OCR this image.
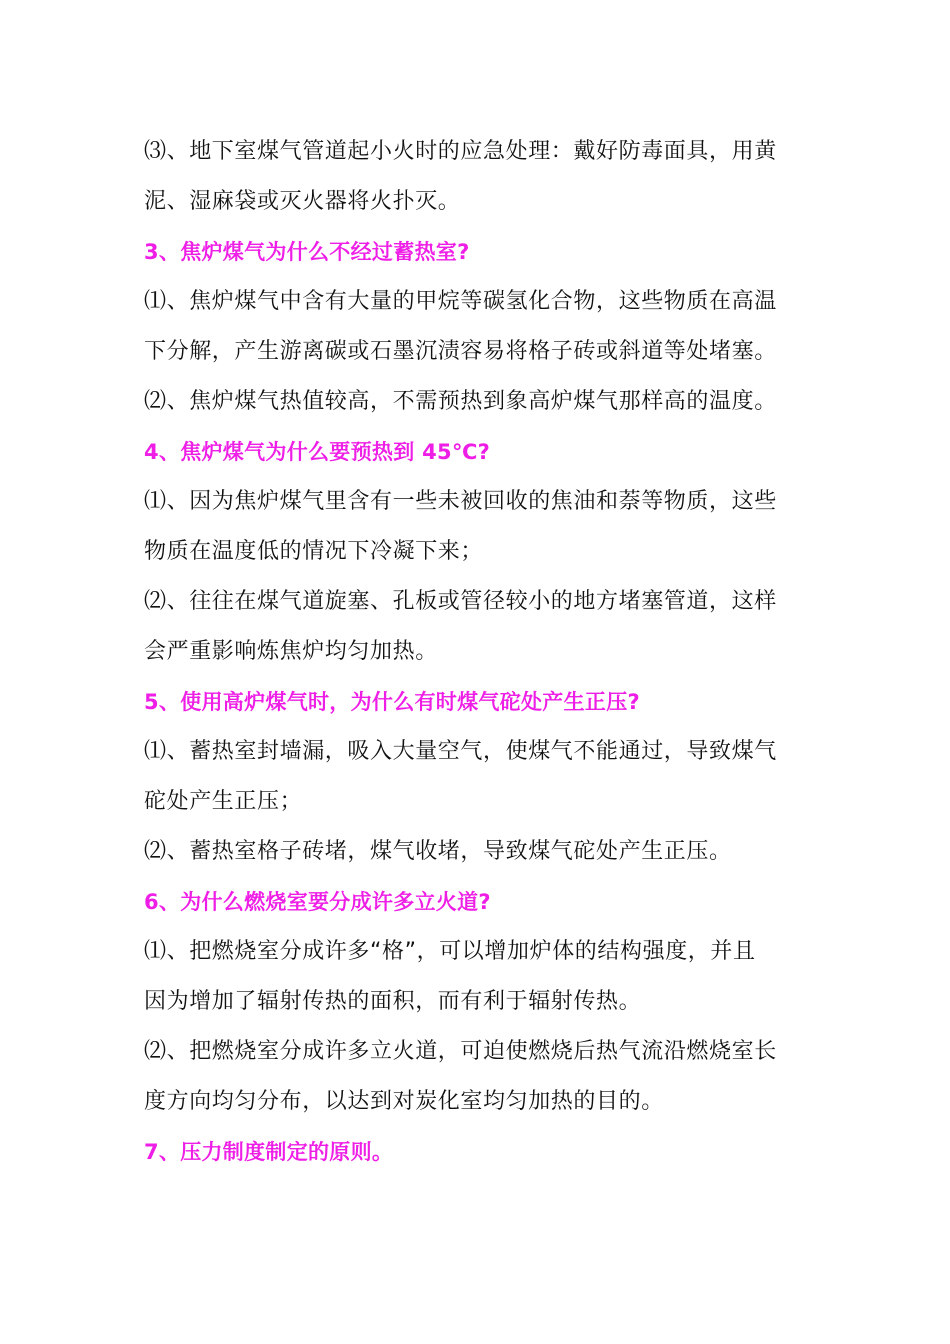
⑶、地下室煤气管道起小火时的应急处理：戴好防毒面具，用黄
泥、湿麻袋或灭火器将火扑灭。
3、焦炉煤气为什么不经过蓄热室?
⑴、焦炉煤气中含有大量的甲烷等碳氢化合物，这些物质在高温
下分解，产生游离碳或石墨沉渍容易将格子砖或斜道等处堵塞。
⑵、焦炉煤气热值较高，不需预热到象高炉煤气那样高的温度。
4、焦炉煤气为什么要预热到 45℃?
⑴、因为焦炉煤气里含有一些未被回收的焦油和萘等物质，这些
物质在温度低的情况下冷凝下来；
⑵、往往在煤气道旋塞、孔板或管径较小的地方堵塞管道，这样
会严重影响炼焦炉均匀加热。
5、使用高炉煤气时，为什么有时煤气砣处产生正压?
⑴、蓄热室封墙漏，吸入大量空气，使煤气不能通过，导致煤气
砣处产生正压；
⑵、蓄热室格子砖堵，煤气收堵，导致煤气砣处产生正压。
6、为什么燃烧室要分成许多立火道?
⑴、把燃烧室分成许多“格”，可以增加炉体的结构强度，并且
因为增加了辐射传热的面积，而有利于辐射传热。
⑵、把燃烧室分成许多立火道，可迫使燃烧后热气流沿燃烧室长
度方向均匀分布，以达到对炭化室均匀加热的目的。
7、压力制度制定的原则。
